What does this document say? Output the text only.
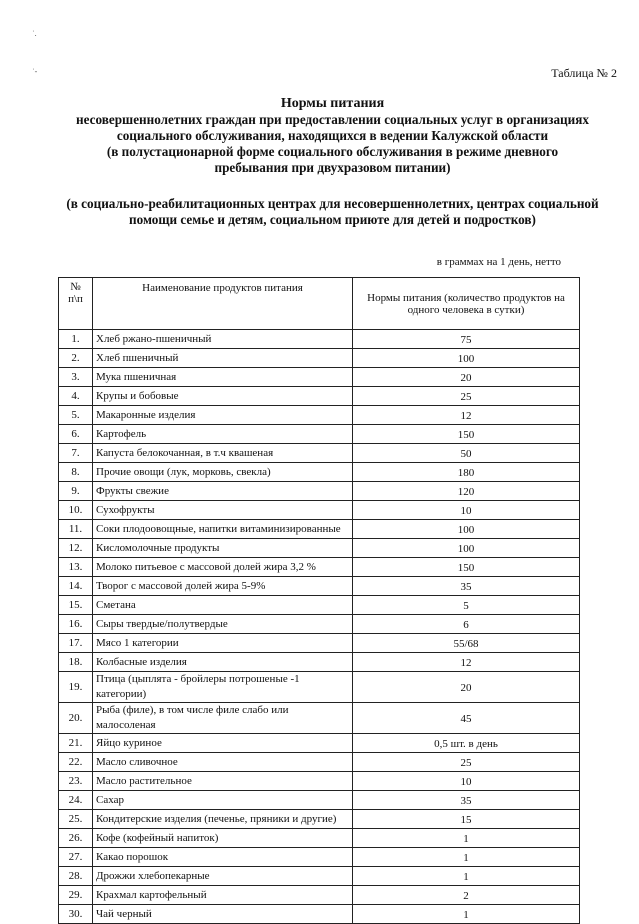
˙.
˙-	Таблица № 2
Нормы питания
несовершеннолетних граждан при предоставлении социальных услуг в организациях
социального обслуживания, находящихся в ведении Калужской области
(в полустационарной форме социального обслуживания в режиме дневного
пребывания при двухразовом питании)
(в социально-реабилитационных центрах для несовершеннолетних, центрах социальной
помощи семье и детям, социальном приюте для детей и подростков)
в граммах на 1 день, нетто
№ п\п	Наименование продуктов питания	Нормы питания (количество продуктов на одного человека в сутки)
1.	Хлеб ржано-пшеничный	75
2.	Хлеб пшеничный	100
3.	Мука пшеничная	20
4.	Крупы и бобовые	25
5.	Макаронные изделия	12
6.	Картофель	150
7.	Капуста белокочанная, в т.ч квашеная	50
8.	Прочие овощи (лук, морковь, свекла)	180
9.	Фрукты свежие	120
10.	Сухофрукты	10
11.	Соки плодоовощные, напитки витаминизированные	100
12.	Кисломолочные продукты	100
13.	Молоко питьевое с массовой долей жира 3,2 %	150
14.	Творог с массовой долей жира 5-9%	35
15.	Сметана	5
16.	Сыры твердые/полутвердые	6
17.	Мясо 1 категории	55/68
18.	Колбасные изделия	12
19.	Птица (цыплята - бройлеры потрошеные -1 категории)	20
20.	Рыба (филе), в том числе филе слабо или малосоленая	45
21.	Яйцо куриное	0,5 шт. в день
22.	Масло сливочное	25
23.	Масло растительное	10
24.	Сахар	35
25.	Кондитерские изделия (печенье, пряники и другие)	15
26.	Кофе (кофейный напиток)	1
27.	Какао порошок	1
28.	Дрожжи хлебопекарные	1
29.	Крахмал картофельный	2
30.	Чай черный	1
